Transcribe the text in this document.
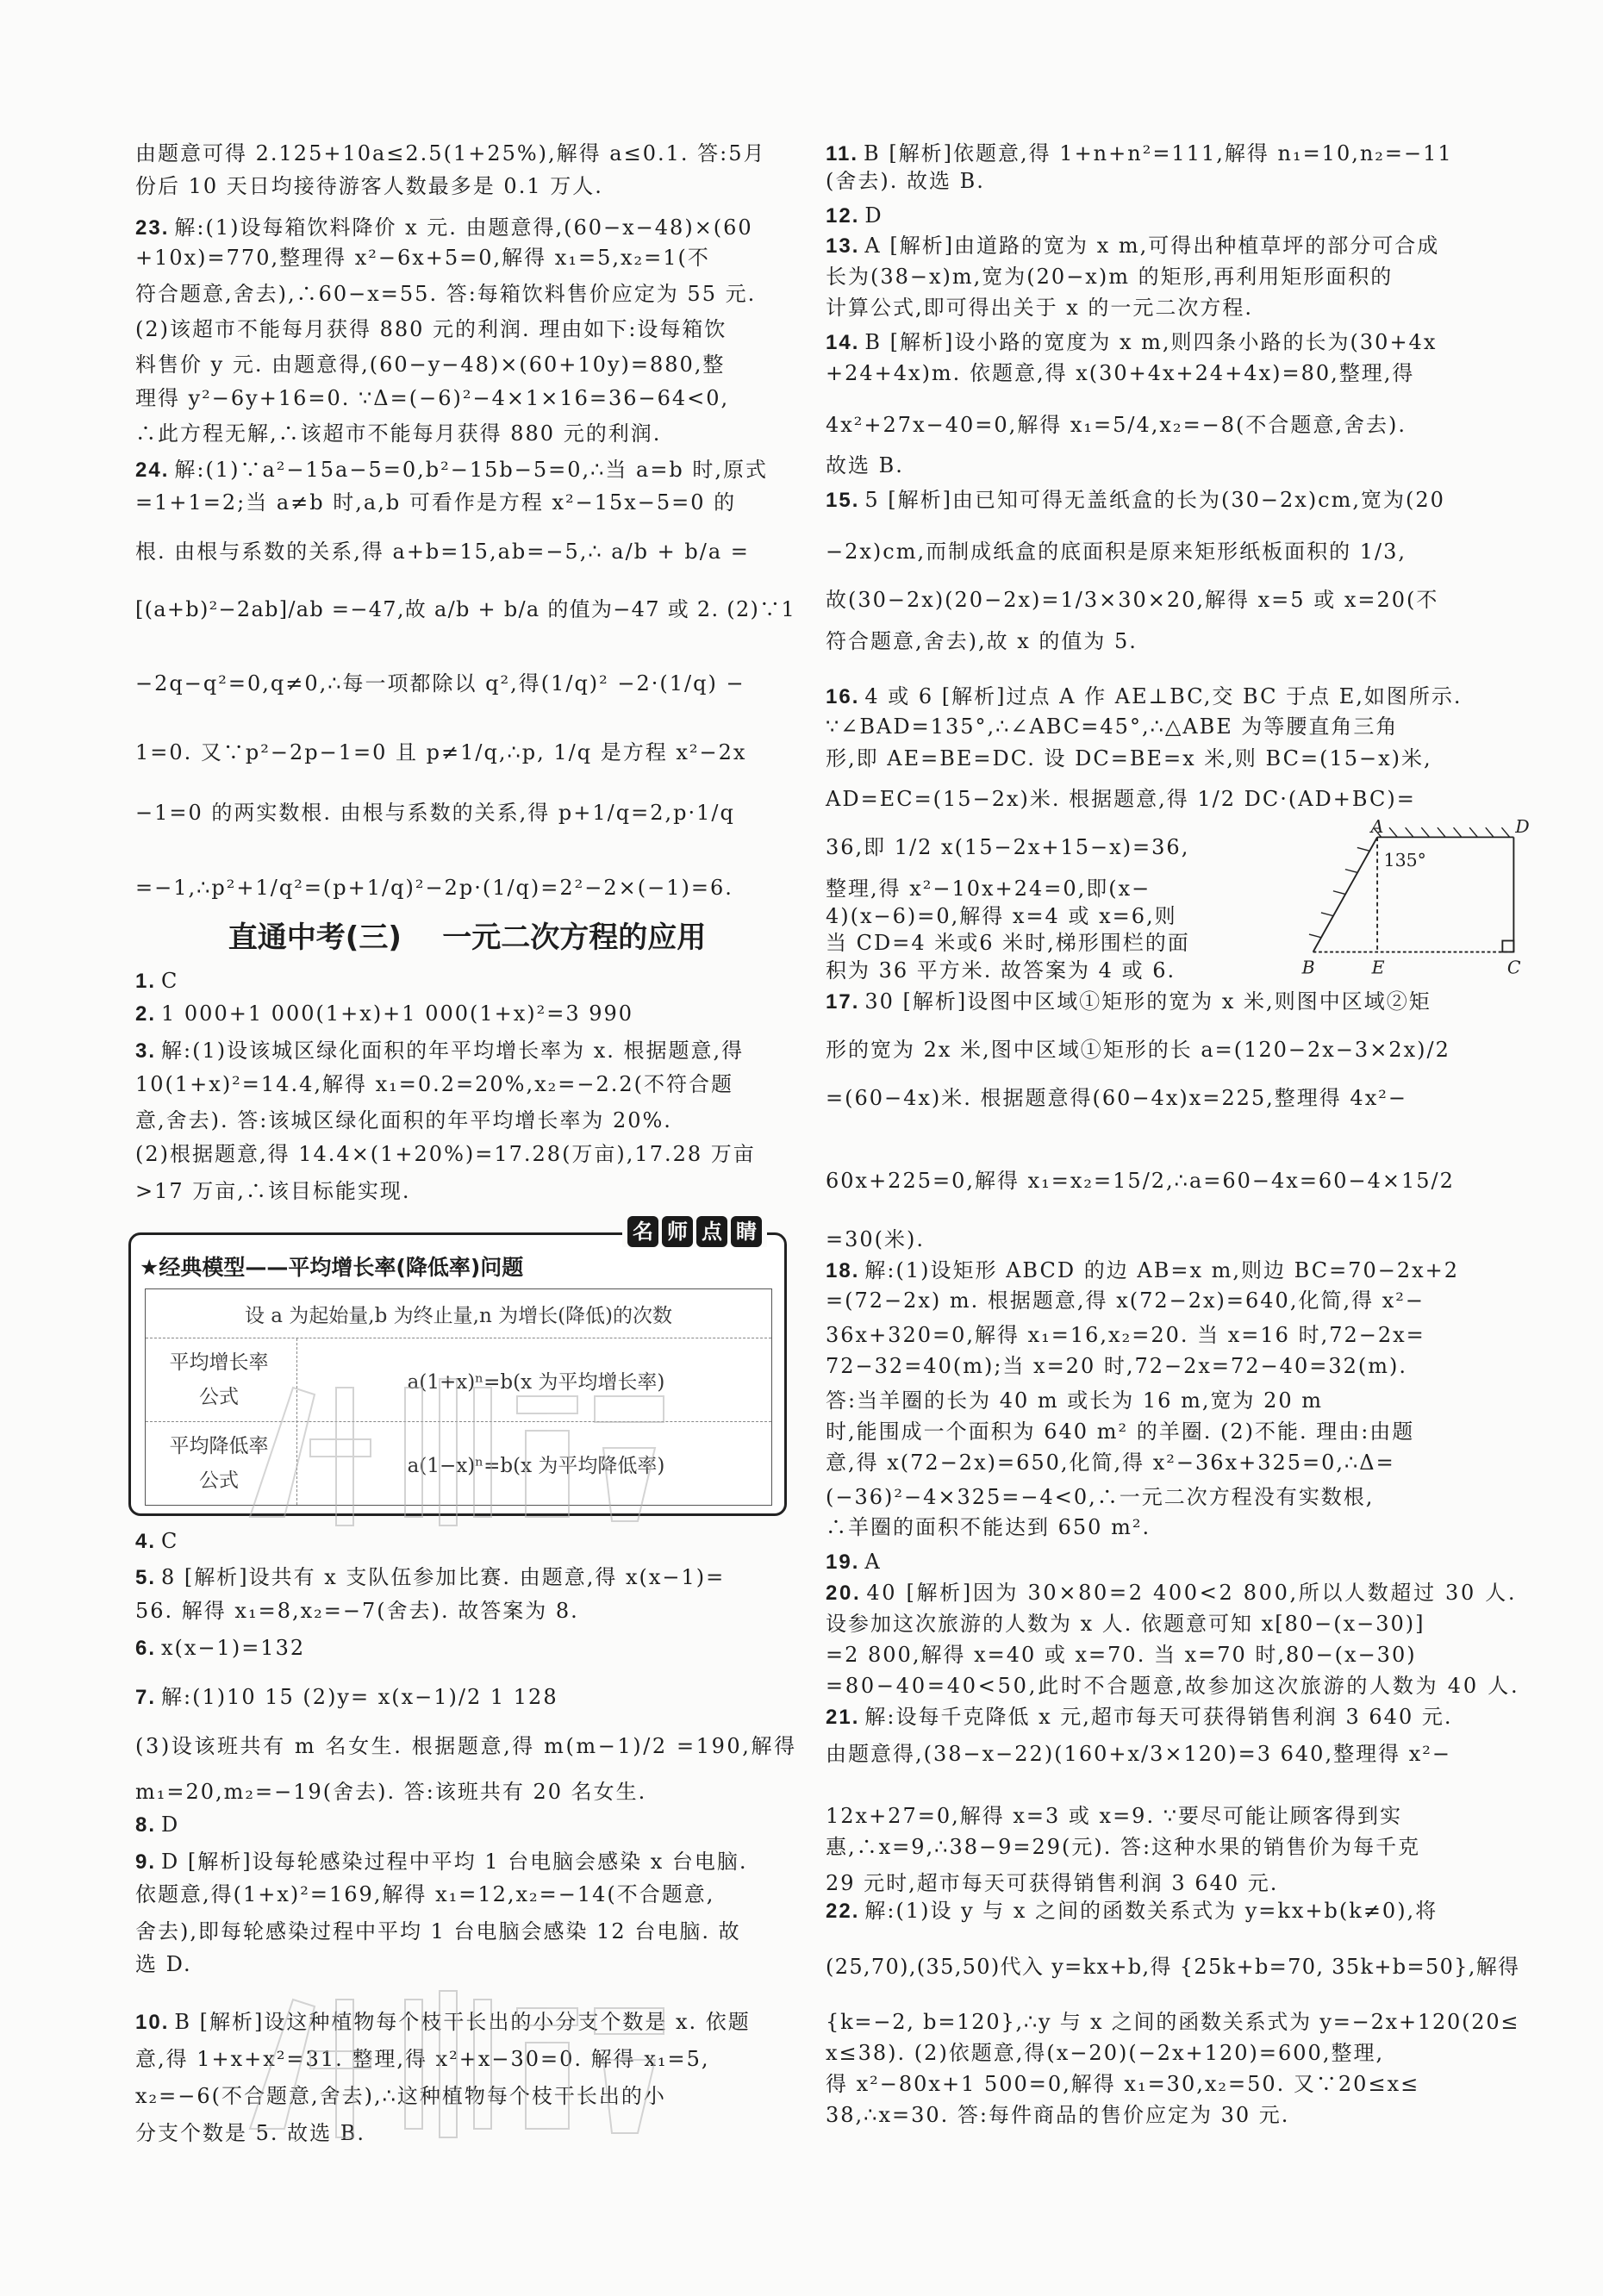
由题意可得 2.125+10a≤2.5(1+25%),解得 a≤0.1. 答:5月
份后 10 天日均接待游客人数最多是 0.1 万人.
23. 解:(1)设每箱饮料降价 x 元. 由题意得,(60−x−48)×(60
+10x)=770,整理得 x²−6x+5=0,解得 x₁=5,x₂=1(不
符合题意,舍去),∴60−x=55. 答:每箱饮料售价应定为 55 元.
(2)该超市不能每月获得 880 元的利润. 理由如下:设每箱饮
料售价 y 元. 由题意得,(60−y−48)×(60+10y)=880,整
理得 y²−6y+16=0. ∵Δ=(−6)²−4×1×16=36−64<0,
∴此方程无解,∴该超市不能每月获得 880 元的利润.
24. 解:(1)∵a²−15a−5=0,b²−15b−5=0,∴当 a=b 时,原式
=1+1=2;当 a≠b 时,a,b 可看作是方程 x²−15x−5=0 的
根. 由根与系数的关系,得 a+b=15,ab=−5,∴ a/b + b/a =
[(a+b)²−2ab]/ab =−47,故 a/b + b/a 的值为−47 或 2. (2)∵1
−2q−q²=0,q≠0,∴每一项都除以 q²,得(1/q)² −2·(1/q) −
1=0. 又∵p²−2p−1=0 且 p≠1/q,∴p, 1/q 是方程 x²−2x
−1=0 的两实数根. 由根与系数的关系,得 p+1/q=2,p·1/q
=−1,∴p²+1/q²=(p+1/q)²−2p·(1/q)=2²−2×(−1)=6.
1. C
2. 1 000+1 000(1+x)+1 000(1+x)²=3 990
3. 解:(1)设该城区绿化面积的年平均增长率为 x. 根据题意,得
10(1+x)²=14.4,解得 x₁=0.2=20%,x₂=−2.2(不符合题
意,舍去). 答:该城区绿化面积的年平均增长率为 20%.
(2)根据题意,得 14.4×(1+20%)=17.28(万亩),17.28 万亩
>17 万亩,∴该目标能实现.
4. C
5. 8 [解析]设共有 x 支队伍参加比赛. 由题意,得 x(x−1)=
56. 解得 x₁=8,x₂=−7(舍去). 故答案为 8.
6. x(x−1)=132
7. 解:(1)10 15 (2)y= x(x−1)/2 1 128
(3)设该班共有 m 名女生. 根据题意,得 m(m−1)/2 =190,解得
m₁=20,m₂=−19(舍去). 答:该班共有 20 名女生.
8. D
9. D [解析]设每轮感染过程中平均 1 台电脑会感染 x 台电脑.
依题意,得(1+x)²=169,解得 x₁=12,x₂=−14(不合题意,
舍去),即每轮感染过程中平均 1 台电脑会感染 12 台电脑. 故
选 D.
10. B [解析]设这种植物每个枝干长出的小分支个数是 x. 依题
意,得 1+x+x²=31. 整理,得 x²+x−30=0. 解得 x₁=5,
x₂=−6(不合题意,舍去),∴这种植物每个枝干长出的小
分支个数是 5. 故选 B.
直通中考(三)    一元二次方程的应用
名 师 点 睛
★经典模型——平均增长率(降低率)问题
设 a 为起始量,b 为终止量,n 为增长(降低)的次数
平均增长率公式
a(1+x)ⁿ=b(x 为平均增长率)
平均降低率公式
a(1−x)ⁿ=b(x 为平均降低率)
11. B [解析]依题意,得 1+n+n²=111,解得 n₁=10,n₂=−11
(舍去). 故选 B.
12. D
13. A [解析]由道路的宽为 x m,可得出种植草坪的部分可合成
长为(38−x)m,宽为(20−x)m 的矩形,再利用矩形面积的
计算公式,即可得出关于 x 的一元二次方程.
14. B [解析]设小路的宽度为 x m,则四条小路的长为(30+4x
+24+4x)m. 依题意,得 x(30+4x+24+4x)=80,整理,得
4x²+27x−40=0,解得 x₁=5/4,x₂=−8(不合题意,舍去).
故选 B.
15. 5 [解析]由已知可得无盖纸盒的长为(30−2x)cm,宽为(20
−2x)cm,而制成纸盒的底面积是原来矩形纸板面积的 1/3,
故(30−2x)(20−2x)=1/3×30×20,解得 x=5 或 x=20(不
符合题意,舍去),故 x 的值为 5.
16. 4 或 6 [解析]过点 A 作 AE⊥BC,交 BC 于点 E,如图所示.
∵∠BAD=135°,∴∠ABC=45°,∴△ABE 为等腰直角三角
形,即 AE=BE=DC. 设 DC=BE=x 米,则 BC=(15−x)米,
AD=EC=(15−2x)米. 根据题意,得 1/2 DC·(AD+BC)=
36,即 1/2 x(15−2x+15−x)=36,
整理,得 x²−10x+24=0,即(x−
4)(x−6)=0,解得 x=4 或 x=6,则
当 CD=4 米或6 米时,梯形围栏的面
积为 36 平方米. 故答案为 4 或 6.
17. 30 [解析]设图中区域①矩形的宽为 x 米,则图中区域②矩
形的宽为 2x 米,图中区域①矩形的长 a=(120−2x−3×2x)/2
=(60−4x)米. 根据题意得(60−4x)x=225,整理得 4x²−
60x+225=0,解得 x₁=x₂=15/2,∴a=60−4x=60−4×15/2
=30(米).
18. 解:(1)设矩形 ABCD 的边 AB=x m,则边 BC=70−2x+2
=(72−2x) m. 根据题意,得 x(72−2x)=640,化简,得 x²−
36x+320=0,解得 x₁=16,x₂=20. 当 x=16 时,72−2x=
72−32=40(m);当 x=20 时,72−2x=72−40=32(m).
答:当羊圈的长为 40 m 或长为 16 m,宽为 20 m
时,能围成一个面积为 640 m² 的羊圈. (2)不能. 理由:由题
意,得 x(72−2x)=650,化简,得 x²−36x+325=0,∴Δ=
(−36)²−4×325=−4<0,∴一元二次方程没有实数根,
∴羊圈的面积不能达到 650 m².
19. A
20. 40 [解析]因为 30×80=2 400<2 800,所以人数超过 30 人.
设参加这次旅游的人数为 x 人. 依题意可知 x[80−(x−30)]
=2 800,解得 x=40 或 x=70. 当 x=70 时,80−(x−30)
=80−40=40<50,此时不合题意,故参加这次旅游的人数为 40 人.
21. 解:设每千克降低 x 元,超市每天可获得销售利润 3 640 元.
由题意得,(38−x−22)(160+x/3×120)=3 640,整理得 x²−
12x+27=0,解得 x=3 或 x=9. ∵要尽可能让顾客得到实
惠,∴x=9,∴38−9=29(元). 答:这种水果的销售价为每千克
29 元时,超市每天可获得销售利润 3 640 元.
22. 解:(1)设 y 与 x 之间的函数关系式为 y=kx+b(k≠0),将
(25,70),(35,50)代入 y=kx+b,得 {25k+b=70, 35k+b=50},解得
{k=−2, b=120},∴y 与 x 之间的函数关系式为 y=−2x+120(20≤
x≤38). (2)依题意,得(x−20)(−2x+120)=600,整理,
得 x²−80x+1 500=0,解得 x₁=30,x₂=50. 又∵20≤x≤
38,∴x=30. 答:每件商品的售价应定为 30 元.
A	D
B	E	C
135°
